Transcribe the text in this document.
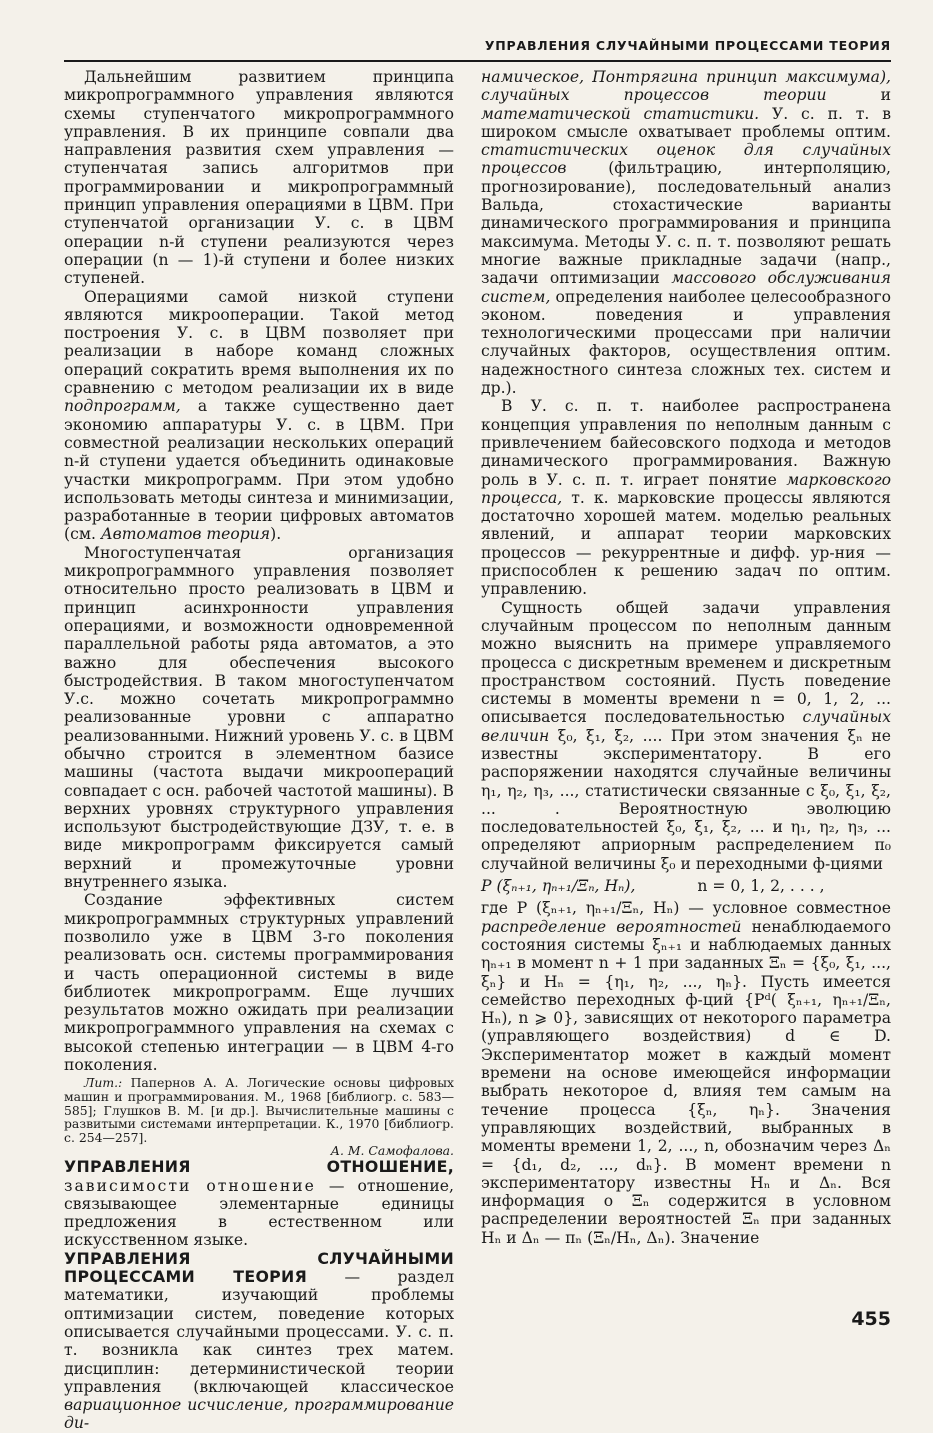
УПРАВЛЕНИЯ СЛУЧАЙНЫМИ ПРОЦЕССАМИ ТЕОРИЯ

Дальнейшим развитием принципа микропрограммного управления являются схемы ступенчатого микропрограммного управления. В их принципе совпали два направления развития схем управления — ступенчатая запись алгоритмов при программировании и микропрограммный принцип управления операциями в ЦВМ. При ступенчатой организации У. с. в ЦВМ операции n-й ступени реализуются через операции (n — 1)-й ступени и более низких ступеней.

Операциями самой низкой ступени являются микрооперации. Такой метод построения У. с. в ЦВМ позволяет при реализации в наборе команд сложных операций сократить время выполнения их по сравнению с методом реализации их в виде подпрограмм, а также существенно дает экономию аппаратуры У. с. в ЦВМ. При совместной реализации нескольких операций n-й ступени удается объединить одинаковые участки микропрограмм. При этом удобно использовать методы синтеза и минимизации, разработанные в теории цифровых автоматов (см. Автоматов теория).

Многоступенчатая организация микропрограммного управления позволяет относительно просто реализовать в ЦВМ и принцип асинхронности управления операциями, и возможности одновременной параллельной работы ряда автоматов, а это важно для обеспечения высокого быстродействия. В таком многоступенчатом У.с. можно сочетать микропрограммно реализованные уровни с аппаратно реализованными. Нижний уровень У. с. в ЦВМ обычно строится в элементном базисе машины (частота выдачи микроопераций совпадает с осн. рабочей частотой машины). В верхних уровнях структурного управления используют быстродействующие ДЗУ, т. е. в виде микропрограмм фиксируется самый верхний и промежуточные уровни внутреннего языка.

Создание эффективных систем микропрограммных структурных управлений позволило уже в ЦВМ 3-го поколения реализовать осн. системы программирования и часть операционной системы в виде библиотек микропрограмм. Еще лучших результатов можно ожидать при реализации микропрограммного управления на схемах с высокой степенью интеграции — в ЦВМ 4-го поколения.

Лит.: Папернов А. А. Логические основы цифровых машин и программирования. М., 1968 [библиогр. с. 583—585]; Глушков В. М. [и др.]. Вычислительные машины с развитыми системами интерпретации. К., 1970 [библиогр. с. 254—257].

А. М. Самофалова.

УПРАВЛЕНИЯ ОТНОШЕНИЕ, зависимости отношение — отношение, связывающее элементарные единицы предложения в естественном или искусственном языке.

УПРАВЛЕНИЯ СЛУЧАЙНЫМИ ПРОЦЕССАМИ ТЕОРИЯ — раздел математики, изучающий проблемы оптимизации систем, поведение которых описывается случайными процессами. У. с. п. т. возникла как синтез трех матем. дисциплин: детерминистической теории управления (включающей классическое вариационное исчисление, программирование ди-

намическое, Понтрягина принцип максимума), случайных процессов теории и математической статистики. У. с. п. т. в широком смысле охватывает проблемы оптим. статистических оценок для случайных процессов (фильтрацию, интерполяцию, прогнозирование), последовательный анализ Вальда, стохастические варианты динамического программирования и принципа максимума. Методы У. с. п. т. позволяют решать многие важные прикладные задачи (напр., задачи оптимизации массового обслуживания систем, определения наиболее целесообразного эконом. поведения и управления технологическими процессами при наличии случайных факторов, осуществления оптим. надежностного синтеза сложных тех. систем и др.).

В У. с. п. т. наиболее распространена концепция управления по неполным данным с привлечением байесовского подхода и методов динамического программирования. Важную роль в У. с. п. т. играет понятие марковского процесса, т. к. марковские процессы являются достаточно хорошей матем. моделью реальных явлений, и аппарат теории марковских процессов — рекуррентные и дифф. ур-ния — приспособлен к решению задач по оптим. управлению.

Сущность общей задачи управления случайным процессом по неполным данным можно выяснить на примере управляемого процесса с дискретным временем и дискретным пространством состояний. Пусть поведение системы в моменты времени n = 0, 1, 2, ... описывается последовательностью случайных величин ξ₀, ξ₁, ξ₂, .... При этом значения ξₙ не известны экспериментатору. В его распоряжении находятся случайные величины η₁, η₂, η₃, ..., статистически связанные с ξ₀, ξ₁, ξ₂, ... . Вероятностную эволюцию последовательностей ξ₀, ξ₁, ξ₂, ... и η₁, η₂, η₃, ... определяют априорным распределением π₀ случайной величины ξ₀ и переходными ф-циями

P (ξₙ₊₁, ηₙ₊₁/Ξₙ, Hₙ),	n = 0, 1, 2, . . . ,

где P (ξₙ₊₁, ηₙ₊₁/Ξₙ, Hₙ) — условное совместное распределение вероятностей ненаблюдаемого состояния системы ξₙ₊₁ и наблюдаемых данных ηₙ₊₁ в момент n + 1 при заданных Ξₙ = {ξ₀, ξ₁, ..., ξₙ} и Hₙ = {η₁, η₂, ..., ηₙ}. Пусть имеется семейство переходных ф-ций {Pᵈ( ξₙ₊₁, ηₙ₊₁/Ξₙ, Hₙ), n ⩾ 0}, зависящих от некоторого параметра (управляющего воздействия) d ∈ D. Экспериментатор может в каждый момент времени на основе имеющейся информации выбрать некоторое d, влияя тем самым на течение процесса {ξₙ, ηₙ}. Значения управляющих воздействий, выбранных в моменты времени 1, 2, ..., n, обозначим через Δₙ = {d₁, d₂, ..., dₙ}. В момент времени n экспериментатору известны Hₙ и Δₙ. Вся информация о Ξₙ содержится в условном распределении вероятностей Ξₙ при заданных Hₙ и Δₙ — πₙ (Ξₙ/Hₙ, Δₙ). Значение

455
